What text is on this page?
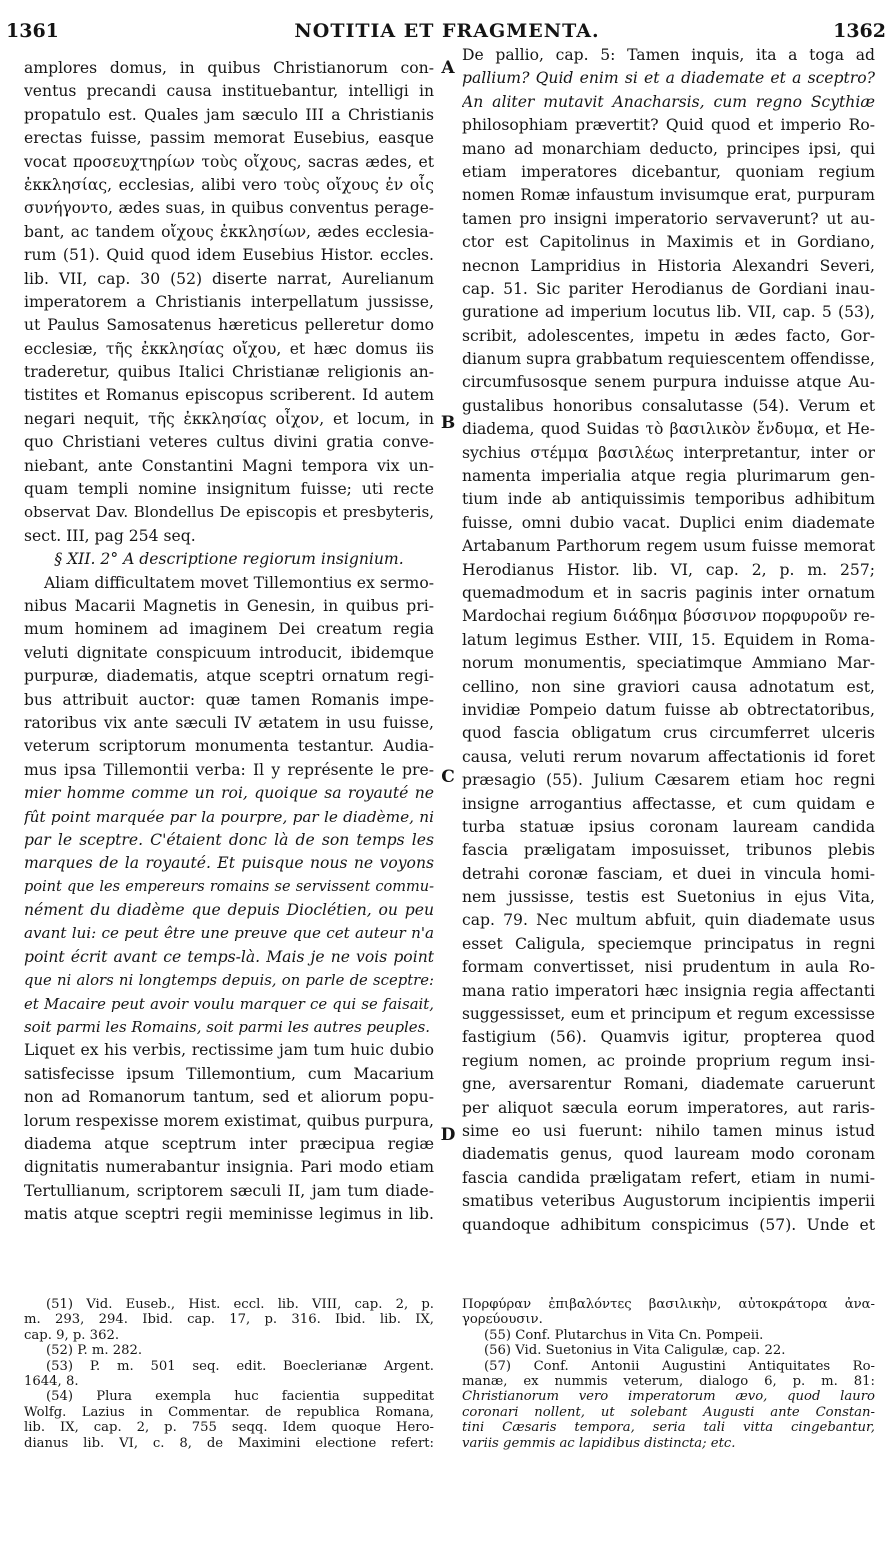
1361	NOTITIA ET FRAGMENTA.	1362
A
B
C
D
amplores domus, in quibus Christianorum con-
ventus precandi causa instituebantur, intelligi in
propatulo est. Quales jam sæculo III a Christianis
erectas fuisse, passim memorat Eusebius, easque
vocat προσευχτηρίων τοὺς οἴχους, sacras ædes, et
ἐκκλησίας, ecclesias, alibi vero τοὺς οἴχους ἐν οἷς
συνήγοντο, ædes suas, in quibus conventus perage-
bant, ac tandem οἴχους ἐκκλησίων, ædes ecclesia-
rum (51). Quid quod idem Eusebius Histor. eccles.
lib. VII, cap. 30 (52) diserte narrat, Aurelianum
imperatorem a Christianis interpellatum jussisse,
ut Paulus Samosatenus hæreticus pelleretur domo
ecclesiæ, τῆς ἐκκλησίας οἴχου, et hæc domus iis
traderetur, quibus Italici Christianæ religionis an-
tistites et Romanus episcopus scriberent. Id autem
negari nequit, τῆς ἐκκλησίας οἶχον, et locum, in
quo Christiani veteres cultus divini gratia conve-
niebant, ante Constantini Magni tempora vix un-
quam templi nomine insignitum fuisse; uti recte
observat Dav. Blondellus De episcopis et presbyteris,
sect. III, pag 254 seq.
§ XII. 2° A descriptione regiorum insignium.
Aliam difficultatem movet Tillemontius ex sermo-
nibus Macarii Magnetis in Genesin, in quibus pri-
mum hominem ad imaginem Dei creatum regia
veluti dignitate conspicuum introducit, ibidemque
purpuræ, diadematis, atque sceptri ornatum regi-
bus attribuit auctor: quæ tamen Romanis impe-
ratoribus vix ante sæculi IV ætatem in usu fuisse,
veterum scriptorum monumenta testantur. Audia-
mus ipsa Tillemontii verba: Il y représente le pre-
mier homme comme un roi, quoique sa royauté ne
fût point marquée par la pourpre, par le diadème, ni
par le sceptre. C'étaient donc là de son temps les
marques de la royauté. Et puisque nous ne voyons
point que les empereurs romains se servissent commu-
nément du diadème que depuis Dioclétien, ou peu
avant lui: ce peut être une preuve que cet auteur n'a
point écrit avant ce temps-là. Mais je ne vois point
que ni alors ni longtemps depuis, on parle de sceptre:
et Macaire peut avoir voulu marquer ce qui se faisait,
soit parmi les Romains, soit parmi les autres peuples.
Liquet ex his verbis, rectissime jam tum huic dubio
satisfecisse ipsum Tillemontium, cum Macarium
non ad Romanorum tantum, sed et aliorum popu-
lorum respexisse morem existimat, quibus purpura,
diadema atque sceptrum inter præcipua regiæ
dignitatis numerabantur insignia. Pari modo etiam
Tertullianum, scriptorem sæculi II, jam tum diade-
matis atque sceptri regii meminisse legimus in lib.
De pallio, cap. 5: Tamen inquis, ita a toga ad
pallium? Quid enim si et a diademate et a sceptro?
An aliter mutavit Anacharsis, cum regno Scythiæ
philosophiam prævertit? Quid quod et imperio Ro-
mano ad monarchiam deducto, principes ipsi, qui
etiam imperatores dicebantur, quoniam regium
nomen Romæ infaustum invisumque erat, purpuram
tamen pro insigni imperatorio servaverunt? ut au-
ctor est Capitolinus in Maximis et in Gordiano,
necnon Lampridius in Historia Alexandri Severi,
cap. 51. Sic pariter Herodianus de Gordiani inau-
guratione ad imperium locutus lib. VII, cap. 5 (53),
scribit, adolescentes, impetu in ædes facto, Gor-
dianum supra grabbatum requiescentem offendisse,
circumfusosque senem purpura induisse atque Au-
gustalibus honoribus consalutasse (54). Verum et
diadema, quod Suidas τὸ βασιλικὸν ἔνδυμα, et He-
sychius στέμμα βασιλέως interpretantur, inter or
namenta imperialia atque regia plurimarum gen-
tium inde ab antiquissimis temporibus adhibitum
fuisse, omni dubio vacat. Duplici enim diademate
Artabanum Parthorum regem usum fuisse memorat
Herodianus Histor. lib. VI, cap. 2, p. m. 257;
quemadmodum et in sacris paginis inter ornatum
Mardochai regium διάδημα βύσσινον πορφυροῦν re-
latum legimus Esther. VIII, 15. Equidem in Roma-
norum monumentis, speciatimque Ammiano Mar-
cellino, non sine graviori causa adnotatum est,
invidiæ Pompeio datum fuisse ab obtrectatoribus,
quod fascia obligatum crus circumferret ulceris
causa, veluti rerum novarum affectationis id foret
præsagio (55). Julium Cæsarem etiam hoc regni
insigne arrogantius affectasse, et cum quidam e
turba statuæ ipsius coronam lauream candida
fascia præligatam imposuisset, tribunos plebis
detrahi coronæ fasciam, et duei in vincula homi-
nem jussisse, testis est Suetonius in ejus Vita,
cap. 79. Nec multum abfuit, quin diademate usus
esset Caligula, speciemque principatus in regni
formam convertisset, nisi prudentum in aula Ro-
mana ratio imperatori hæc insignia regia affectanti
suggessisset, eum et principum et regum excessisse
fastigium (56). Quamvis igitur, propterea quod
regium nomen, ac proinde proprium regum insi-
gne, aversarentur Romani, diademate caruerunt
per aliquot sæcula eorum imperatores, aut raris-
sime eo usi fuerunt: nihilo tamen minus istud
diadematis genus, quod lauream modo coronam
fascia candida præligatam refert, etiam in numi-
smatibus veteribus Augustorum incipientis imperii
quandoque adhibitum conspicimus (57). Unde et
(51) Vid. Euseb., Hist. eccl. lib. VIII, cap. 2, p.
m. 293, 294. Ibid. cap. 17, p. 316. Ibid. lib. IX,
cap. 9, p. 362.
(52) P. m. 282.
(53) P. m. 501 seq. edit. Boeclerianæ Argent.
1644, 8.
(54) Plura exempla huc facientia suppeditat
Wolfg. Lazius in Commentar. de republica Romana,
lib. IX, cap. 2, p. 755 seqq. Idem quoque Hero-
dianus lib. VI, c. 8, de Maximini electione refert:
Πορφύραν ἐπιβαλόντες βασιλικὴν, αὐτοκράτορα ἀνα-
γορεύουσιν.
(55) Conf. Plutarchus in Vita Cn. Pompeii.
(56) Vid. Suetonius in Vita Caligulæ, cap. 22.
(57) Conf. Antonii Augustini Antiquitates Ro-
manæ, ex nummis veterum, dialogo 6, p. m. 81:
Christianorum vero imperatorum ævo, quod lauro
coronari nollent, ut solebant Augusti ante Constan-
tini Cæsaris tempora, seria tali vitta cingebantur,
variis gemmis ac lapidibus distincta; etc.
